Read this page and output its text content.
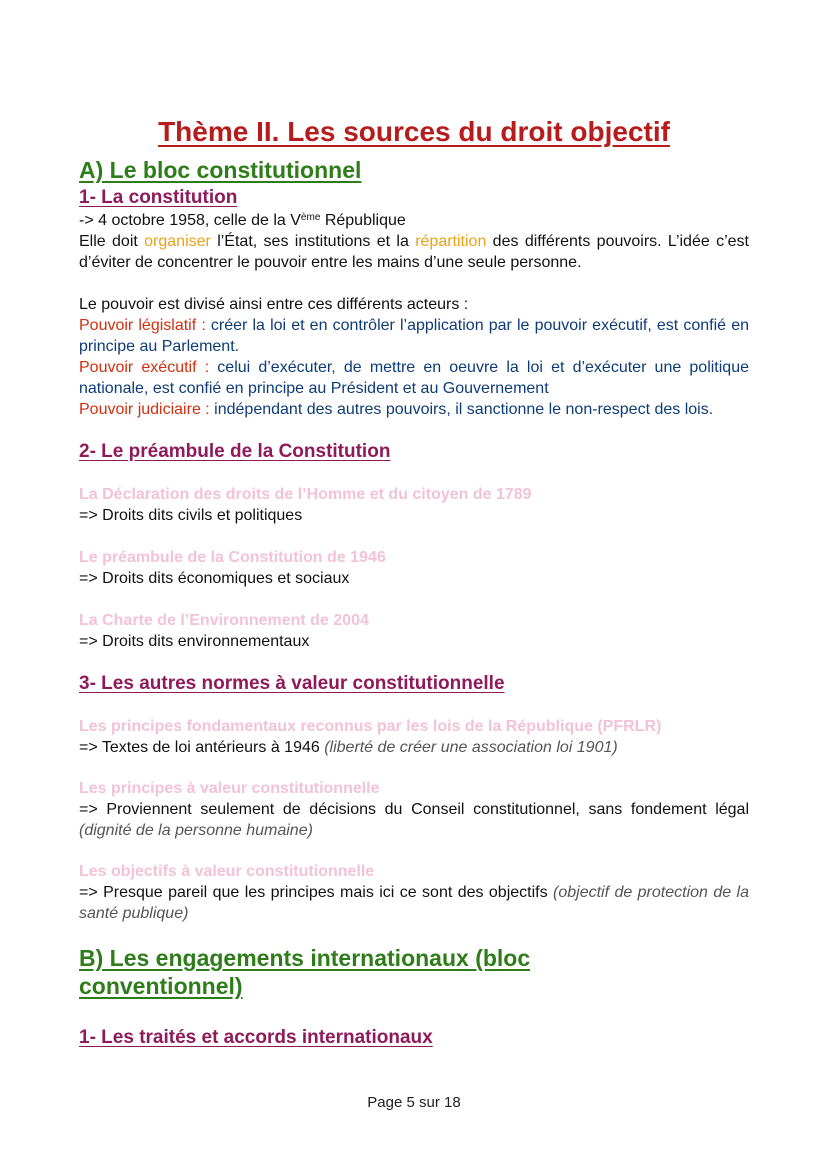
Thème II. Les sources du droit objectif
A) Le bloc constitutionnel
1- La constitution

-> 4 octobre 1958, celle de la Vème République

Elle doit organiser l’État, ses institutions et la répartition des différents pouvoirs. L’idée c’est d’éviter de concentrer le pouvoir entre les mains d’une seule personne.

Le pouvoir est divisé ainsi entre ces différents acteurs :

Pouvoir législatif : créer la loi et en contrôler l’application par le pouvoir exécutif, est confié en principe au Parlement.

Pouvoir exécutif : celui d’exécuter, de mettre en oeuvre la loi et d’exécuter une politique nationale, est confié en principe au Président et au Gouvernement

Pouvoir judiciaire : indépendant des autres pouvoirs, il sanctionne le non-respect des lois.

2- Le préambule de la Constitution

La Déclaration des droits de l’Homme et du citoyen de 1789

=> Droits dits civils et politiques

Le préambule de la Constitution de 1946

=> Droits dits économiques et sociaux

La Charte de l’Environnement de 2004

=> Droits dits environnementaux

3- Les autres normes à valeur constitutionnelle

Les principes fondamentaux reconnus par les lois de la République (PFRLR)

=> Textes de loi antérieurs à 1946 (liberté de créer une association loi 1901)

Les principes à valeur constitutionnelle

=> Proviennent seulement de décisions du Conseil constitutionnel, sans fondement légal (dignité de la personne humaine)

Les objectifs à valeur constitutionnelle

=> Presque pareil que les principes mais ici ce sont des objectifs (objectif de protection de la santé publique)

B) Les engagements internationaux (bloc conventionnel)
1- Les traités et accords internationaux
Page 5 sur 18
